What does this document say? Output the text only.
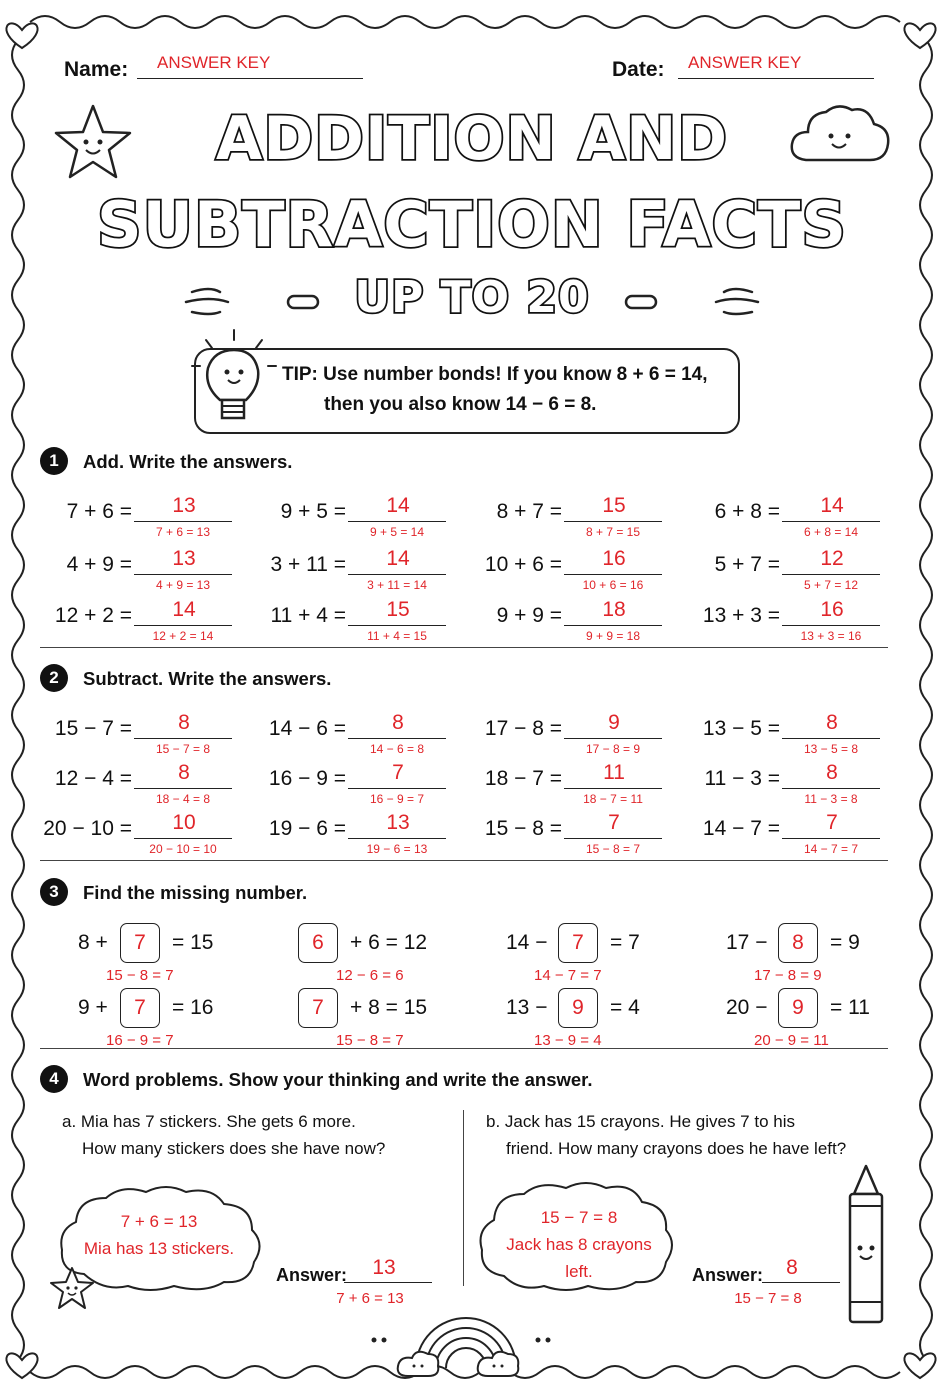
Name: ANSWER KEY	Date: ANSWER KEY
ADDITION AND
SUBTRACTION FACTS
UP TO 20
TIP: Use number bonds! If you know 8 + 6 = 14,
then you also know 14 − 6 = 8.
1	Add. Write the answers.
7 + 6 =	13
7 + 6 = 13
9 + 5 =	14
9 + 5 = 14
8 + 7 =	15
8 + 7 = 15
6 + 8 =	14
6 + 8 = 14
4 + 9 =	13
4 + 9 = 13
3 + 11 =	14
3 + 11 = 14
10 + 6 =	16
10 + 6 = 16
5 + 7 =	12
5 + 7 = 12
12 + 2 =	14
12 + 2 = 14
11 + 4 =	15
11 + 4 = 15
9 + 9 =	18
9 + 9 = 18
13 + 3 =	16
13 + 3 = 16
2	Subtract. Write the answers.
15 − 7 =	8
15 − 7 = 8
14 − 6 =	8
14 − 6 = 8
17 − 8 =	9
17 − 8 = 9
13 − 5 =	8
13 − 5 = 8
12 − 4 =	8
18 − 4 = 8
16 − 9 =	7
16 − 9 = 7
18 − 7 =	11
18 − 7 = 11
11 − 3 =	8
11 − 3 = 8
20 − 10 =	10
20 − 10 = 10
19 − 6 =	13
19 − 6 = 13
15 − 8 =	7
15 − 8 = 7
14 − 7 =	7
14 − 7 = 7
3	Find the missing number.
8 +	7	= 15
15 − 8 = 7
6	+ 6 = 12
12 − 6 = 6
14 −	7	= 7
14 − 7 = 7
17 −	8	= 9
17 − 8 = 9
9 +	7	= 16
16 − 9 = 7
7	+ 8 = 15
15 − 8 = 7
13 −	9	= 4
13 − 9 = 4
20 −	9	= 11
20 − 9 = 11
4	Word problems. Show your thinking and write the answer.
a. Mia has 7 stickers. She gets 6 more.
How many stickers does she have now?
b. Jack has 15 crayons. He gives 7 to his
friend. How many crayons does he have left?
7 + 6 = 13
Mia has 13 stickers.
15 − 7 = 8
Jack has 8 crayons
left.
Answer:	13
7 + 6 = 13
Answer:	8
15 − 7 = 8
